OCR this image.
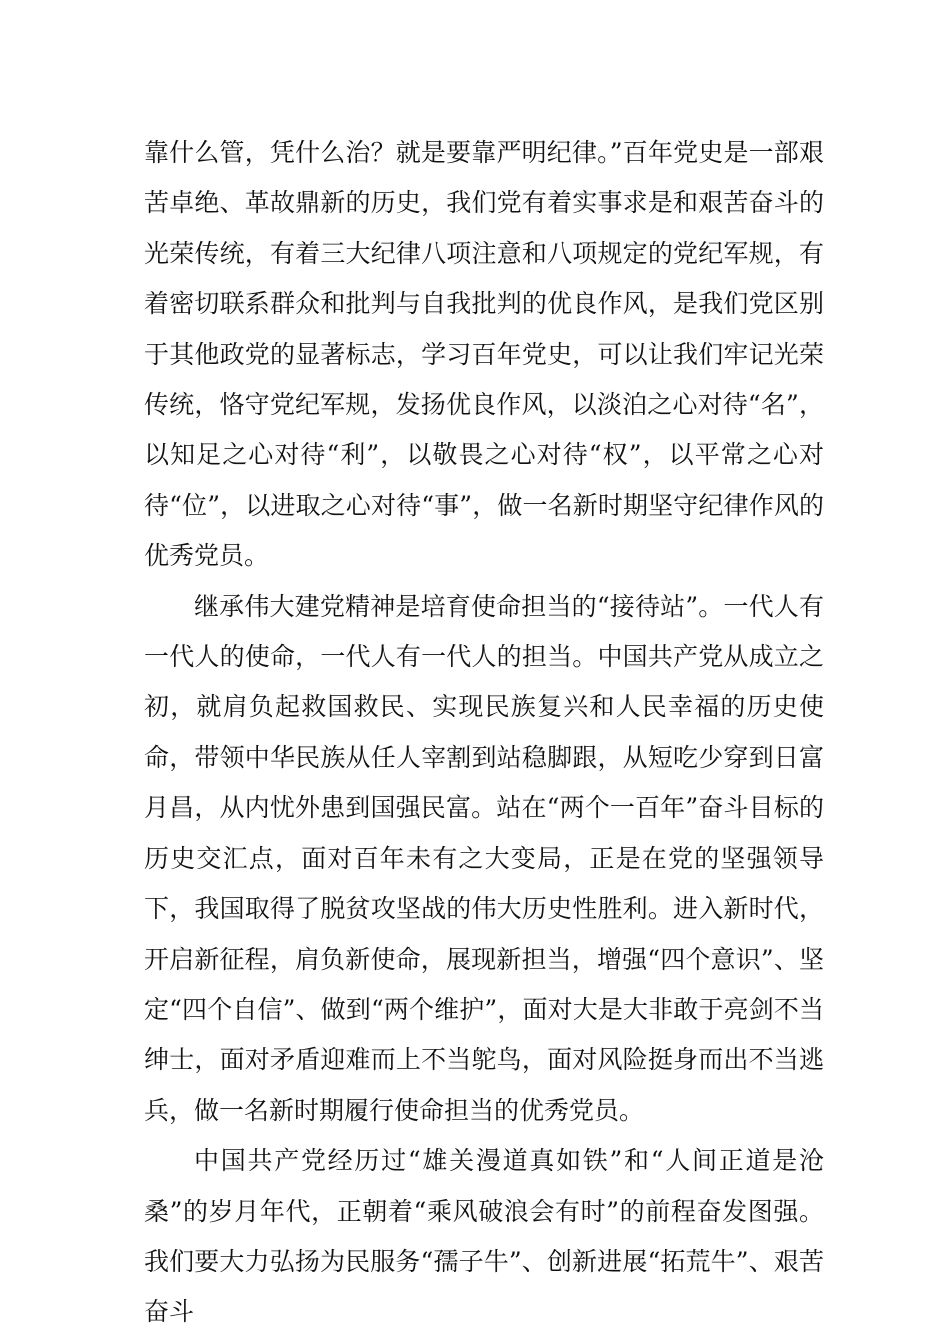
靠什么管，凭什么治？就是要靠严明纪律。”百年党史是一部艰苦卓绝、革故鼎新的历史，我们党有着实事求是和艰苦奋斗的光荣传统，有着三大纪律八项注意和八项规定的党纪军规，有着密切联系群众和批判与自我批判的优良作风，是我们党区别于其他政党的显著标志，学习百年党史，可以让我们牢记光荣传统，恪守党纪军规，发扬优良作风，以淡泊之心对待“名”，以知足之心对待“利”，以敬畏之心对待“权”，以平常之心对待“位”，以进取之心对待“事”，做一名新时期坚守纪律作风的优秀党员。

继承伟大建党精神是培育使命担当的“接待站”。一代人有一代人的使命，一代人有一代人的担当。中国共产党从成立之初，就肩负起救国救民、实现民族复兴和人民幸福的历史使命，带领中华民族从任人宰割到站稳脚跟，从短吃少穿到日富月昌，从内忧外患到国强民富。站在“两个一百年”奋斗目标的历史交汇点，面对百年未有之大变局，正是在党的坚强领导下，我国取得了脱贫攻坚战的伟大历史性胜利。进入新时代，开启新征程，肩负新使命，展现新担当，增强“四个意识”、坚定“四个自信”、做到“两个维护”，面对大是大非敢于亮剑不当绅士，面对矛盾迎难而上不当鸵鸟，面对风险挺身而出不当逃兵，做一名新时期履行使命担当的优秀党员。

中国共产党经历过“雄关漫道真如铁”和“人间正道是沧桑”的岁月年代，正朝着“乘风破浪会有时”的前程奋发图强。我们要大力弘扬为民服务“孺子牛”、创新进展“拓荒牛”、艰苦奋斗
